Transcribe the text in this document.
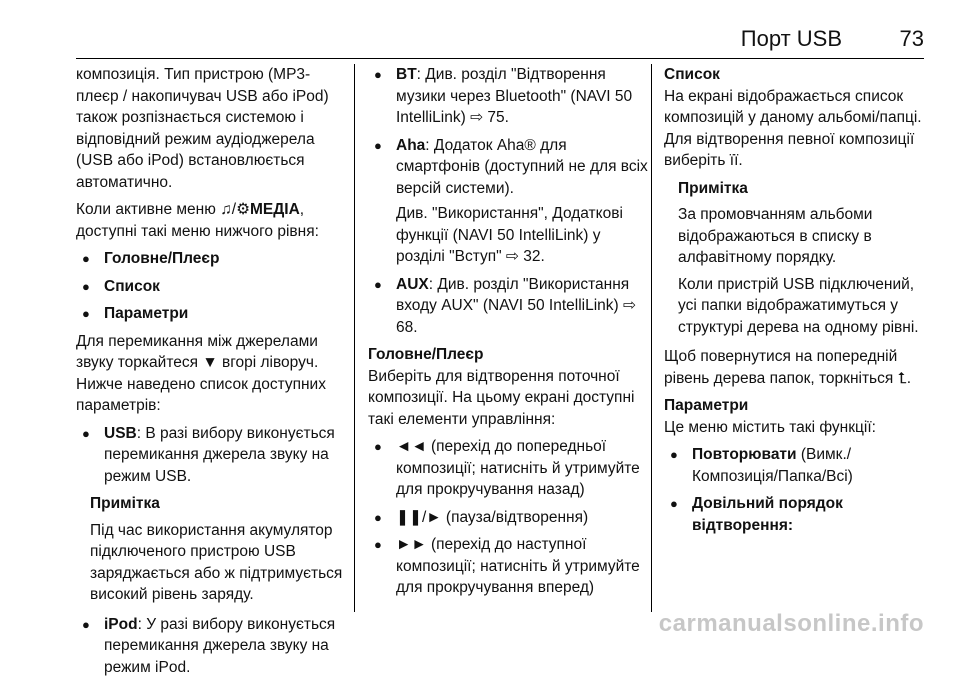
Порт USB	73

композиція. Тип пристрою (МР3-плеєр / накопичувач USB або iPod) також розпізнається системою і відповідний режим аудіоджерела (USB або iPod) встановлюється автоматично.

Коли активне меню ♫/⚙МЕДІА, доступні такі меню нижчого рівня:

● Головне/Плеєр
● Список
● Параметри

Для перемикання між джерелами звуку торкайтеся ▼ вгорі ліворуч. Нижче наведено список доступних параметрів:

● USB: В разі вибору виконується перемикання джерела звуку на режим USB.

Примітка

Під час використання акумулятор підключеного пристрою USB заряджається або ж підтримується високий рівень заряду.

● iPod: У разі вибору виконується перемикання джерела звуку на режим iPod.
● BT: Див. розділ "Відтворення музики через Bluetooth" (NAVI 50 IntelliLink) ⇨ 75.
● Aha: Додаток Aha® для смартфонів (доступний не для всіх версій системи).

Див. "Використання", Додаткові функції (NAVI 50 IntelliLink) у розділі "Вступ" ⇨ 32.

● AUX: Див. розділ "Використання входу AUX" (NAVI 50 IntelliLink) ⇨ 68.

Головне/Плеєр

Виберіть для відтворення поточної композиції. На цьому екрані доступні такі елементи управління:

● ◄◄ (перехід до попередньої композиції; натисніть й утримуйте для прокручування назад)
● ❚❚/► (пауза/відтворення)
● ►► (перехід до наступної композиції; натисніть й утримуйте для прокручування вперед)

Список

На екрані відображається список композицій у даному альбомі/папці. Для відтворення певної композиції виберіть її.

Примітка

За промовчанням альбоми відображаються в списку в алфавітному порядку.

Коли пристрій USB підключений, усі папки відображатимуться у структурі дерева на одному рівні.

Щоб повернутися на попередній рівень дерева папок, торкніться ⮤.

Параметри

Це меню містить такі функції:

● Повторювати (Вимк./Композиція/Папка/Всі)
● Довільний порядок відтворення:
carmanualsonline.info
